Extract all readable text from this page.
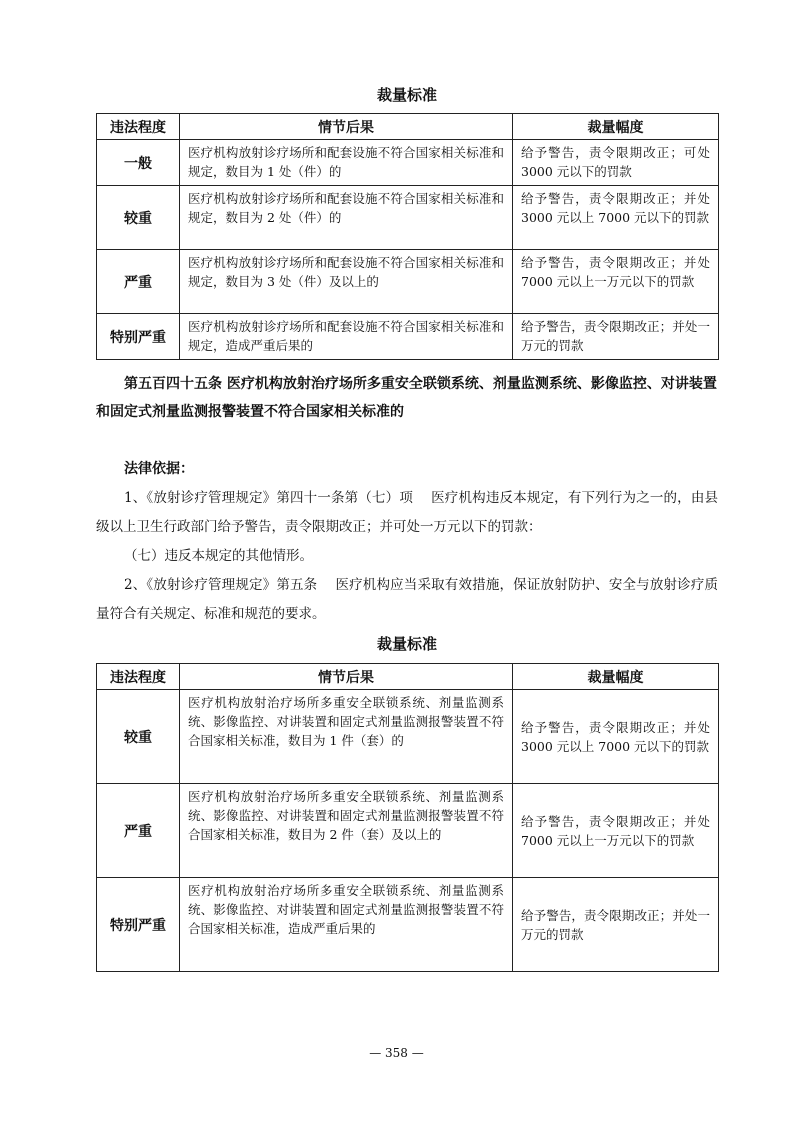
裁量标准
违法程度	情节后果	裁量幅度
一般	医疗机构放射诊疗场所和配套设施不符合国家相关标准和规定，数目为 1 处（件）的	给予警告，责令限期改正；可处 3000 元以下的罚款
较重	医疗机构放射诊疗场所和配套设施不符合国家相关标准和规定，数目为 2 处（件）的	给予警告，责令限期改正；并处 3000 元以上 7000 元以下的罚款
严重	医疗机构放射诊疗场所和配套设施不符合国家相关标准和规定，数目为 3 处（件）及以上的	给予警告，责令限期改正；并处 7000 元以上一万元以下的罚款
特别严重	医疗机构放射诊疗场所和配套设施不符合国家相关标准和规定，造成严重后果的	给予警告，责令限期改正；并处一万元的罚款

第五百四十五条 医疗机构放射治疗场所多重安全联锁系统、剂量监测系统、影像监控、对讲装置和固定式剂量监测报警装置不符合国家相关标准的

法律依据：

1、《放射诊疗管理规定》第四十一条第（七）项　 医疗机构违反本规定，有下列行为之一的，由县级以上卫生行政部门给予警告，责令限期改正；并可处一万元以下的罚款：

（七）违反本规定的其他情形。

2、《放射诊疗管理规定》第五条　 医疗机构应当采取有效措施，保证放射防护、安全与放射诊疗质量符合有关规定、标准和规范的要求。

裁量标准
违法程度	情节后果	裁量幅度
较重	医疗机构放射治疗场所多重安全联锁系统、剂量监测系统、影像监控、对讲装置和固定式剂量监测报警装置不符合国家相关标准，数目为 1 件（套）的	给予警告，责令限期改正；并处 3000 元以上 7000 元以下的罚款
严重	医疗机构放射治疗场所多重安全联锁系统、剂量监测系统、影像监控、对讲装置和固定式剂量监测报警装置不符合国家相关标准，数目为 2 件（套）及以上的	给予警告，责令限期改正；并处 7000 元以上一万元以下的罚款
特别严重	医疗机构放射治疗场所多重安全联锁系统、剂量监测系统、影像监控、对讲装置和固定式剂量监测报警装置不符合国家相关标准，造成严重后果的	给予警告，责令限期改正；并处一万元的罚款
— 358 —
